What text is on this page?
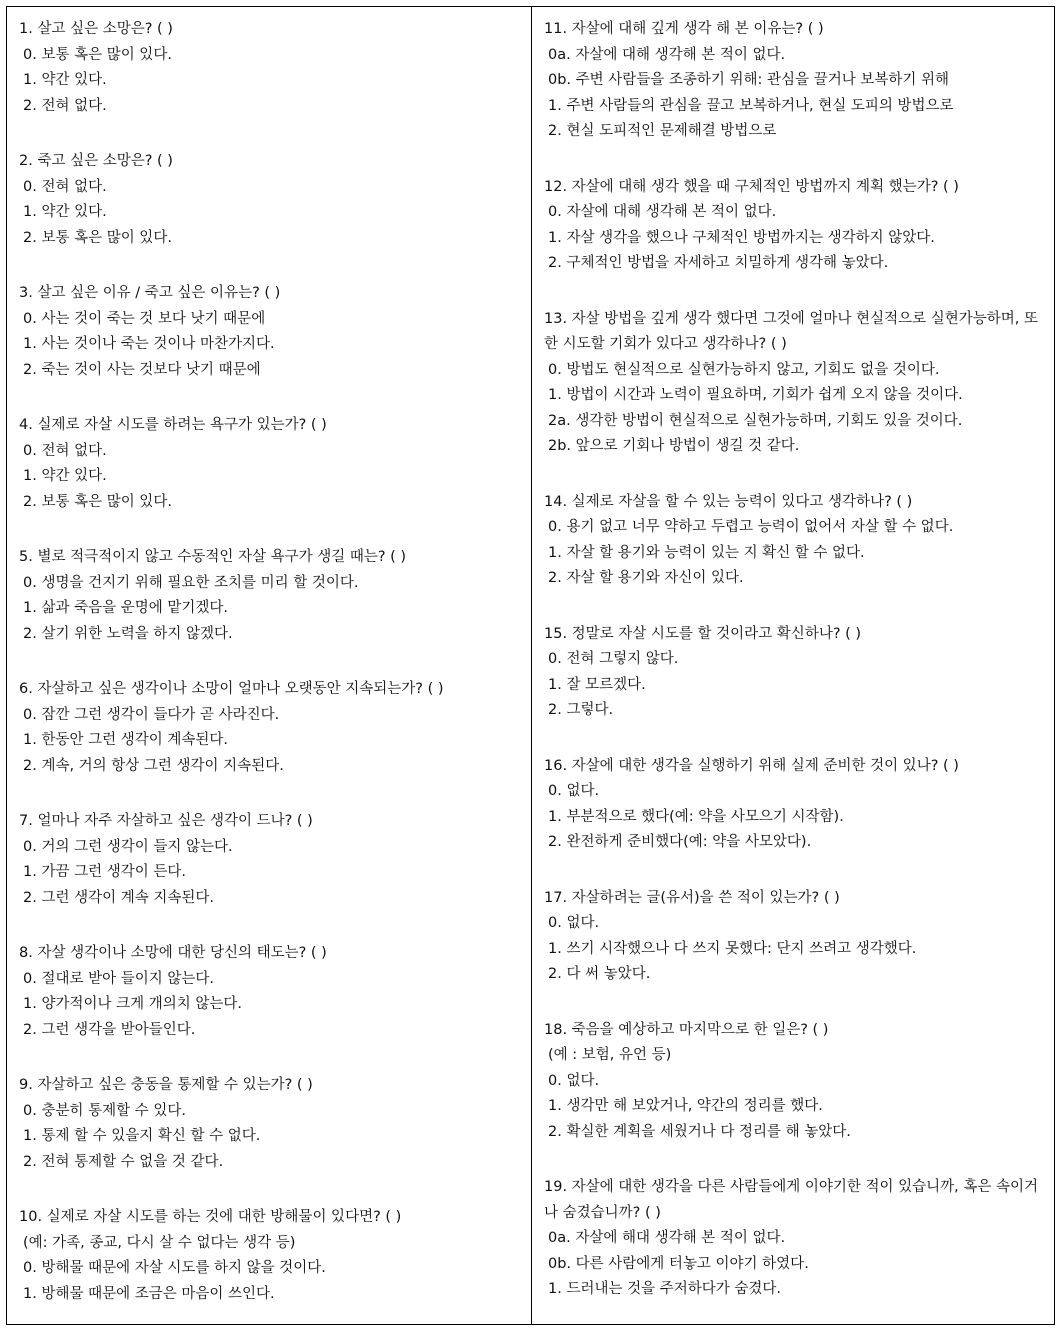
1. 살고 싶은 소망은? ( )
0. 보통 혹은 많이 있다.
1. 약간 있다.
2. 전혀 없다.
2. 죽고 싶은 소망은? ( )
0. 전혀 없다.
1. 약간 있다.
2. 보통 혹은 많이 있다.
3. 살고 싶은 이유 / 죽고 싶은 이유는? ( )
0. 사는 것이 죽는 것 보다 낫기 때문에
1. 사는 것이나 죽는 것이나 마찬가지다.
2. 죽는 것이 사는 것보다 낫기 때문에
4. 실제로 자살 시도를 하려는 욕구가 있는가? ( )
0. 전혀 없다.
1. 약간 있다.
2. 보통 혹은 많이 있다.
5. 별로 적극적이지 않고 수동적인 자살 욕구가 생길 때는? ( )
0. 생명을 건지기 위해 필요한 조치를 미리 할 것이다.
1. 삶과 죽음을 운명에 맡기겠다.
2. 살기 위한 노력을 하지 않겠다.
6. 자살하고 싶은 생각이나 소망이 얼마나 오랫동안 지속되는가? ( )
0. 잠깐 그런 생각이 들다가 곧 사라진다.
1. 한동안 그런 생각이 계속된다.
2. 계속, 거의 항상 그런 생각이 지속된다.
7. 얼마나 자주 자살하고 싶은 생각이 드나? ( )
0. 거의 그런 생각이 들지 않는다.
1. 가끔 그런 생각이 든다.
2. 그런 생각이 계속 지속된다.
8. 자살 생각이나 소망에 대한 당신의 태도는? ( )
0. 절대로 받아 들이지 않는다.
1. 양가적이나 크게 개의치 않는다.
2. 그런 생각을 받아들인다.
9. 자살하고 싶은 충동을 통제할 수 있는가? ( )
0. 충분히 통제할 수 있다.
1. 통제 할 수 있을지 확신 할 수 없다.
2. 전혀 통제할 수 없을 것 같다.
10. 실제로 자살 시도를 하는 것에 대한 방해물이 있다면? ( )
(예: 가족, 종교, 다시 살 수 없다는 생각 등)
0. 방해물 때문에 자살 시도를 하지 않을 것이다.
1. 방해물 때문에 조금은 마음이 쓰인다.
11. 자살에 대해 깊게 생각 해 본 이유는? ( )
0a. 자살에 대해 생각해 본 적이 없다.
0b. 주변 사람들을 조종하기 위해: 관심을 끌거나 보복하기 위해
1. 주변 사람들의 관심을 끌고 보복하거나, 현실 도피의 방법으로
2. 현실 도피적인 문제해결 방법으로
12. 자살에 대해 생각 했을 때 구체적인 방법까지 계획 했는가? ( )
0. 자살에 대해 생각해 본 적이 없다.
1. 자살 생각을 했으나 구체적인 방법까지는 생각하지 않았다.
2. 구체적인 방법을 자세하고 치밀하게 생각해 놓았다.
13. 자살 방법을 깊게 생각 했다면 그것에 얼마나 현실적으로 실현가능하며, 또한 시도할 기회가 있다고 생각하나? ( )
0. 방법도 현실적으로 실현가능하지 않고, 기회도 없을 것이다.
1. 방법이 시간과 노력이 필요하며, 기회가 쉽게 오지 않을 것이다.
2a. 생각한 방법이 현실적으로 실현가능하며, 기회도 있을 것이다.
2b. 앞으로 기회나 방법이 생길 것 같다.
14. 실제로 자살을 할 수 있는 능력이 있다고 생각하나? ( )
0. 용기 없고 너무 약하고 두렵고 능력이 없어서 자살 할 수 없다.
1. 자살 할 용기와 능력이 있는 지 확신 할 수 없다.
2. 자살 할 용기와 자신이 있다.
15. 정말로 자살 시도를 할 것이라고 확신하나? ( )
0. 전혀 그렇지 않다.
1. 잘 모르겠다.
2. 그렇다.
16. 자살에 대한 생각을 실행하기 위해 실제 준비한 것이 있나? ( )
0. 없다.
1. 부분적으로 했다(예: 약을 사모으기 시작함).
2. 완전하게 준비했다(예: 약을 사모았다).
17. 자살하려는 글(유서)을 쓴 적이 있는가? ( )
0. 없다.
1. 쓰기 시작했으나 다 쓰지 못했다: 단지 쓰려고 생각했다.
2. 다 써 놓았다.
18. 죽음을 예상하고 마지막으로 한 일은? ( )
(예 : 보험, 유언 등)
0. 없다.
1. 생각만 해 보았거나, 약간의 정리를 했다.
2. 확실한 계획을 세웠거나 다 정리를 해 놓았다.
19. 자살에 대한 생각을 다른 사람들에게 이야기한 적이 있습니까, 혹은 속이거나 숨겼습니까? ( )
0a. 자살에 해대 생각해 본 적이 없다.
0b. 다른 사람에게 터놓고 이야기 하였다.
1. 드러내는 것을 주저하다가 숨겼다.
